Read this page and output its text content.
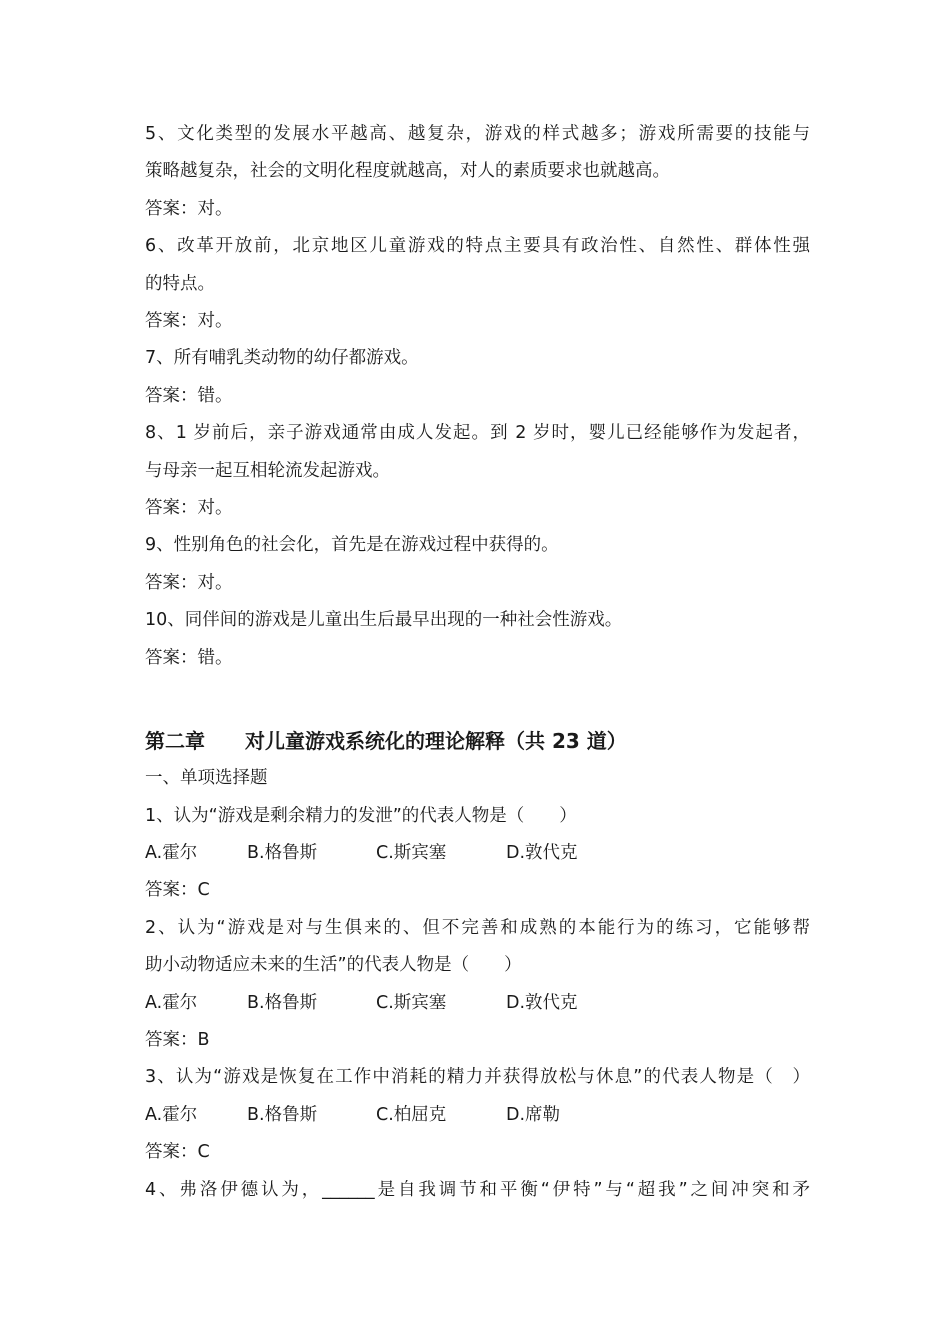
5、文化类型的发展水平越高、越复杂，游戏的样式越多；游戏所需要的技能与
策略越复杂，社会的文明化程度就越高，对人的素质要求也就越高。
答案：对。
6、改革开放前，北京地区儿童游戏的特点主要具有政治性、自然性、群体性强
的特点。
答案：对。
7、所有哺乳类动物的幼仔都游戏。
答案：错。
8、1 岁前后，亲子游戏通常由成人发起。到 2 岁时，婴儿已经能够作为发起者，
与母亲一起互相轮流发起游戏。
答案：对。
9、性别角色的社会化，首先是在游戏过程中获得的。
答案：对。
10、同伴间的游戏是儿童出生后最早出现的一种社会性游戏。
答案：错。
第二章 对儿童游戏系统化的理论解释（共 23 道）
一、单项选择题
1、认为“游戏是剩余精力的发泄”的代表人物是（　　）
A.霍尔	B.格鲁斯	C.斯宾塞	D.敦代克
答案：C
2、认为“游戏是对与生俱来的、但不完善和成熟的本能行为的练习，它能够帮
助小动物适应未来的生活”的代表人物是（　　）
A.霍尔	B.格鲁斯	C.斯宾塞	D.敦代克
答案：B
3、认为“游戏是恢复在工作中消耗的精力并获得放松与休息”的代表人物是（　）
A.霍尔	B.格鲁斯	C.柏屈克	D.席勒
答案：C
4、弗洛伊德认为，______是自我调节和平衡“伊特”与“超我”之间冲突和矛
